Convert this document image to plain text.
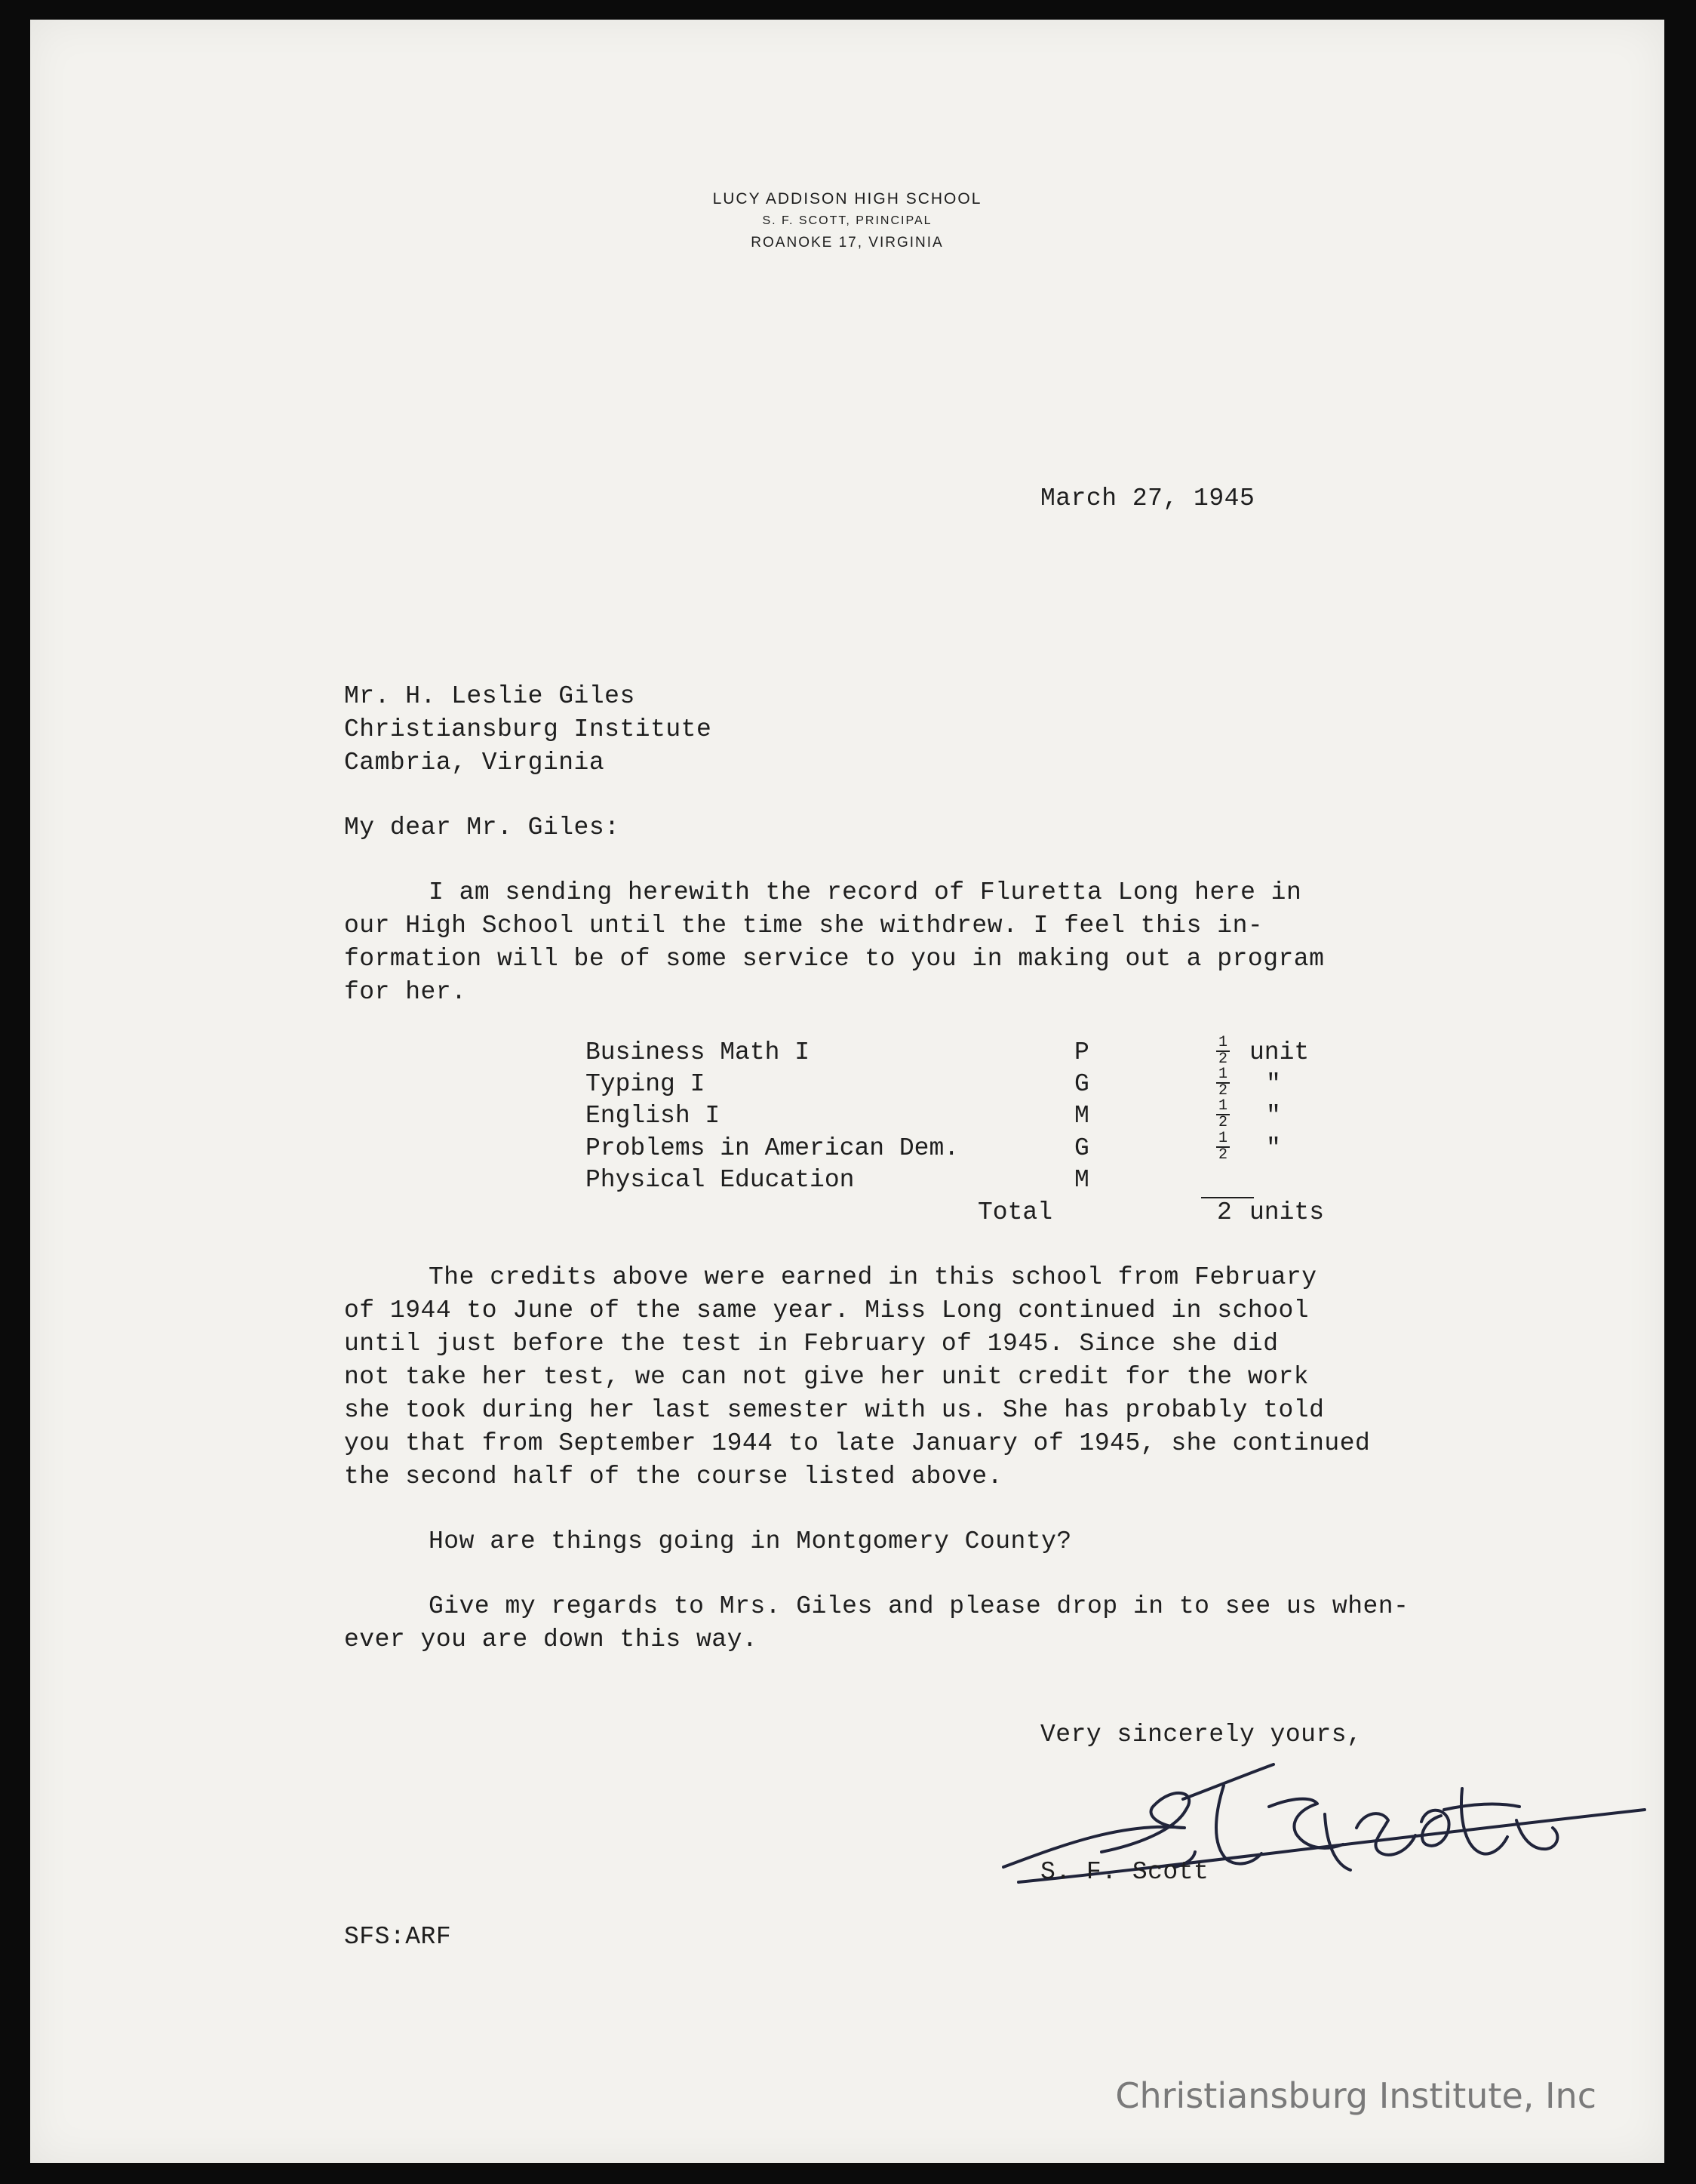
LUCY ADDISON HIGH SCHOOL
S. F. SCOTT, PRINCIPAL
ROANOKE 17, VIRGINIA

March 27, 1945

Mr. H. Leslie Giles

Christiansburg Institute

Cambria, Virginia

My dear Mr. Giles:

I am sending herewith the record of Fluretta Long here in

our High School until the time she withdrew. I feel this in-

formation will be of some service to you in making out a program

for her.

Business Math I	P	$\frac{1}{2}$ unit
Typing I	G	$\frac{1}{2}$ "
English I	M	$\frac{1}{2}$ "
Problems in American Dem.	G	$\frac{1}{2}$ "
Physical Education	M
Total	2 units

The credits above were earned in this school from February

of 1944 to June of the same year. Miss Long continued in school

until just before the test in February of 1945. Since she did

not take her test, we can not give her unit credit for the work

she took during her last semester with us. She has probably told

you that from September 1944 to late January of 1945, she continued

the second half of the course listed above.

How are things going in Montgomery County?

Give my regards to Mrs. Giles and please drop in to see us when-

ever you are down this way.

Very sincerely yours,

S. F. Scott

SFS:ARF

Christiansburg Institute, Inc
